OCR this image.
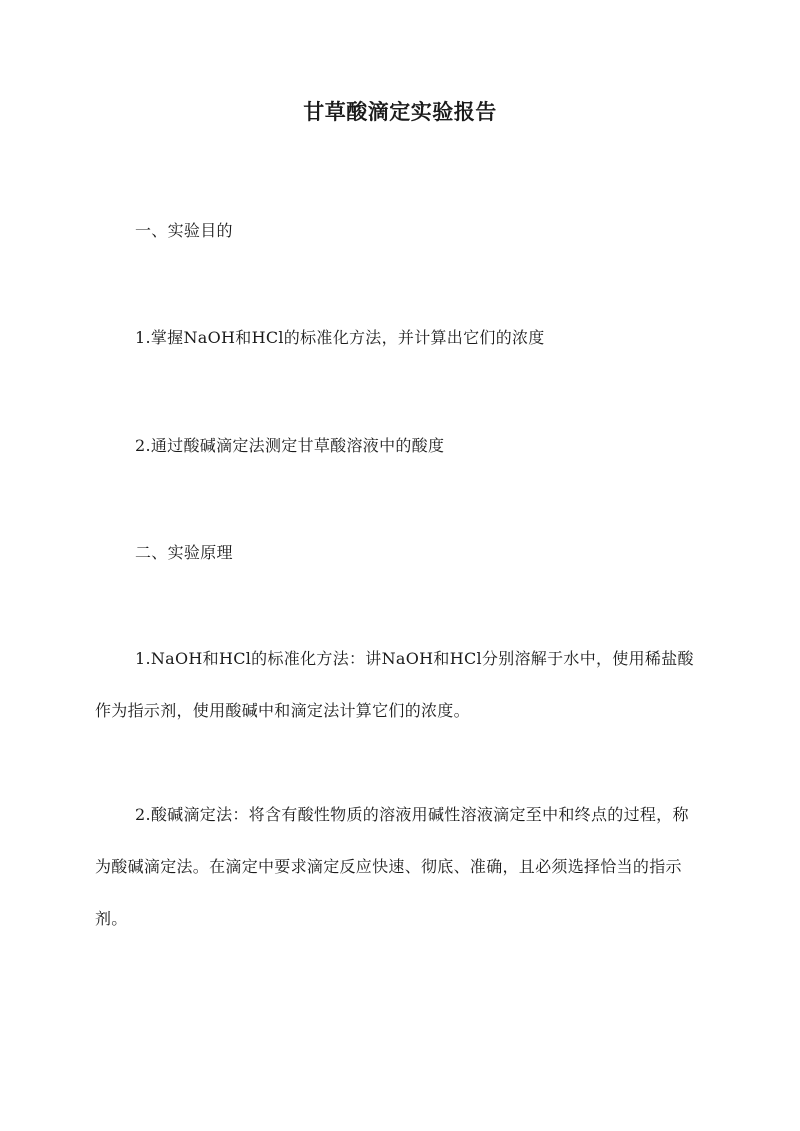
甘草酸滴定实验报告
一、实验目的
1.掌握NaOH和HCl的标准化方法，并计算出它们的浓度
2.通过酸碱滴定法测定甘草酸溶液中的酸度
二、实验原理
1.NaOH和HCl的标准化方法：讲NaOH和HCl分别溶解于水中，使用稀盐酸作为指示剂，使用酸碱中和滴定法计算它们的浓度。
2.酸碱滴定法：将含有酸性物质的溶液用碱性溶液滴定至中和终点的过程，称为酸碱滴定法。在滴定中要求滴定反应快速、彻底、准确，且必须选择恰当的指示剂。
